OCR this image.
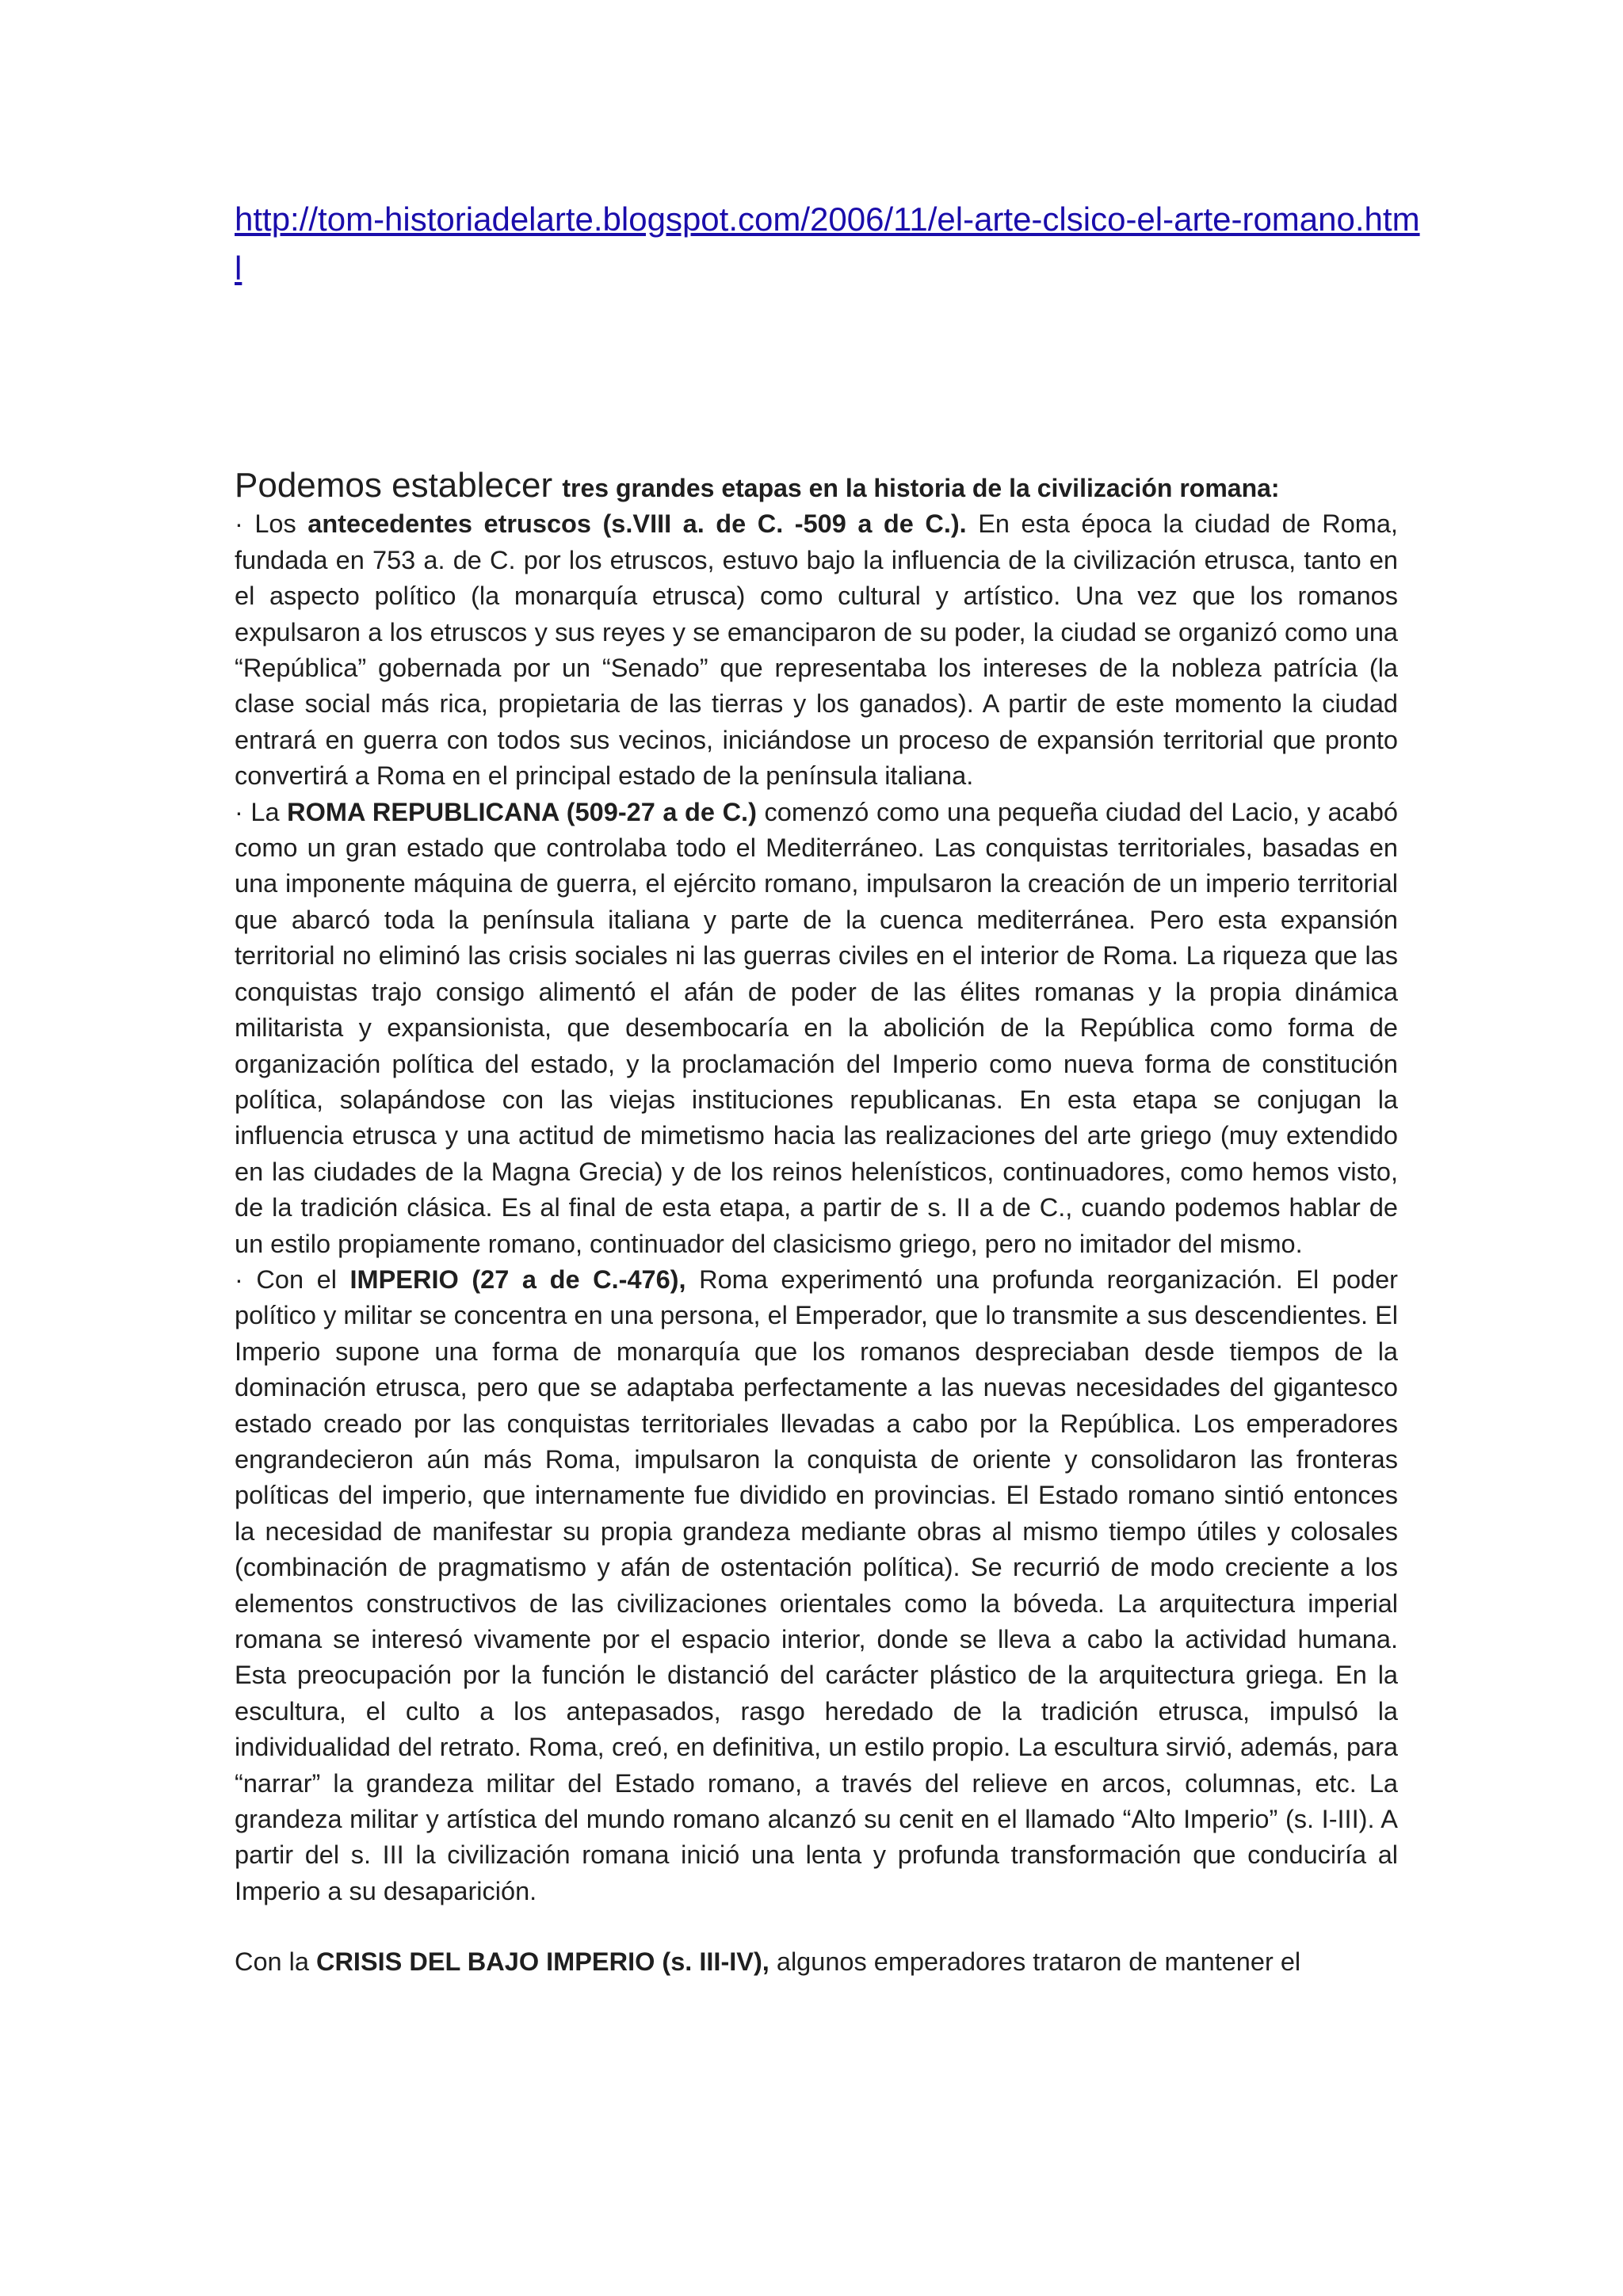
http://tom-historiadelarte.blogspot.com/2006/11/el-arte-clsico-el-arte-romano.html

Podemos establecer tres grandes etapas en la historia de la civilización romana:

· Los antecedentes etruscos (s.VIII a. de C. -509 a de C.). En esta época la ciudad de Roma, fundada en 753 a. de C. por los etruscos, estuvo bajo la influencia de la civilización etrusca, tanto en el aspecto político (la monarquía etrusca) como cultural y artístico. Una vez que los romanos expulsaron a los etruscos y sus reyes y se emanciparon de su poder, la ciudad se organizó como una “República” gobernada por un “Senado” que representaba los intereses de la nobleza patrícia (la clase social más rica, propietaria de las tierras y los ganados). A partir de este momento la ciudad entrará en guerra con todos sus vecinos, iniciándose un proceso de expansión territorial que pronto convertirá a Roma en el principal estado de la península italiana.

· La ROMA REPUBLICANA (509-27 a de C.) comenzó como una pequeña ciudad del Lacio, y acabó como un gran estado que controlaba todo el Mediterráneo. Las conquistas territoriales, basadas en una imponente máquina de guerra, el ejército romano, impulsaron la creación de un imperio territorial que abarcó toda la península italiana y parte de la cuenca mediterránea. Pero esta expansión territorial no eliminó las crisis sociales ni las guerras civiles en el interior de Roma. La riqueza que las conquistas trajo consigo alimentó el afán de poder de las élites romanas y la propia dinámica militarista y expansionista, que desembocaría en la abolición de la República como forma de organización política del estado, y la proclamación del Imperio como nueva forma de constitución política, solapándose con las viejas instituciones republicanas. En esta etapa se conjugan la influencia etrusca y una actitud de mimetismo hacia las realizaciones del arte griego (muy extendido en las ciudades de la Magna Grecia) y de los reinos helenísticos, continuadores, como hemos visto, de la tradición clásica. Es al final de esta etapa, a partir de s. II a de C., cuando podemos hablar de un estilo propiamente romano, continuador del clasicismo griego, pero no imitador del mismo.

· Con el IMPERIO (27 a de C.-476), Roma experimentó una profunda reorganización. El poder político y militar se concentra en una persona, el Emperador, que lo transmite a sus descendientes. El Imperio supone una forma de monarquía que los romanos despreciaban desde tiempos de la dominación etrusca, pero que se adaptaba perfectamente a las nuevas necesidades del gigantesco estado creado por las conquistas territoriales llevadas a cabo por la República. Los emperadores engrandecieron aún más Roma, impulsaron la conquista de oriente y consolidaron las fronteras políticas del imperio, que internamente fue dividido en provincias. El Estado romano sintió entonces la necesidad de manifestar su propia grandeza mediante obras al mismo tiempo útiles y colosales (combinación de pragmatismo y afán de ostentación política). Se recurrió de modo creciente a los elementos constructivos de las civilizaciones orientales como la bóveda. La arquitectura imperial romana se interesó vivamente por el espacio interior, donde se lleva a cabo la actividad humana. Esta preocupación por la función le distanció del carácter plástico de la arquitectura griega. En la escultura, el culto a los antepasados, rasgo heredado de la tradición etrusca, impulsó la individualidad del retrato. Roma, creó, en definitiva, un estilo propio. La escultura sirvió, además, para “narrar” la grandeza militar del Estado romano, a través del relieve en arcos, columnas, etc. La grandeza militar y artística del mundo romano alcanzó su cenit en el llamado “Alto Imperio” (s. I-III). A partir del s. III la civilización romana inició una lenta y profunda transformación que conduciría al Imperio a su desaparición.

Con la CRISIS DEL BAJO IMPERIO (s. III-IV), algunos emperadores trataron de mantener el
